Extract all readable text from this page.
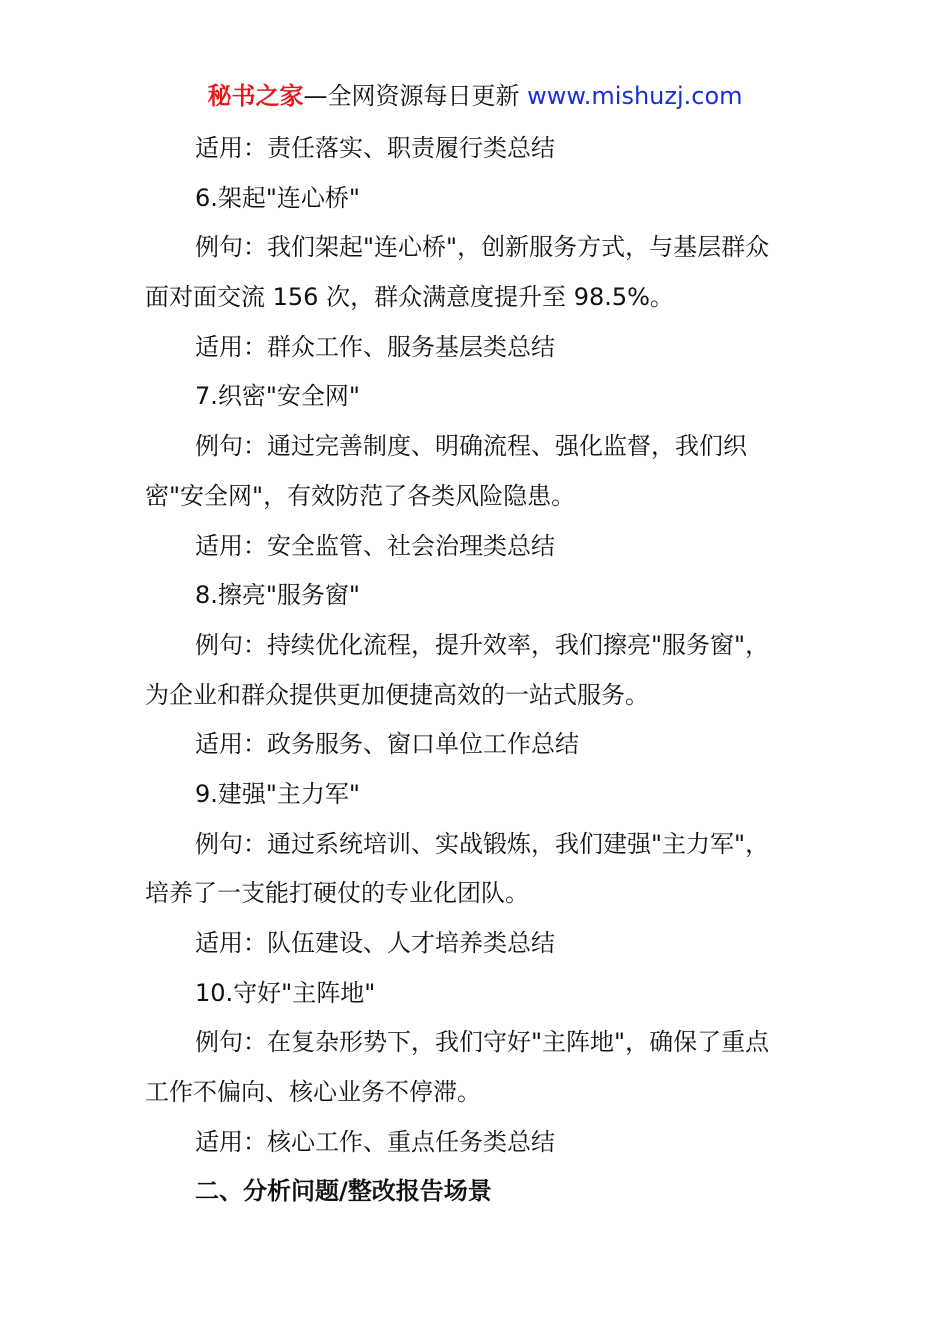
秘书之家—全网资源每日更新 www.mishuzj.com
适用：责任落实、职责履行类总结
6.架起"连心桥"
例句：我们架起"连心桥"，创新服务方式，与基层群众
面对面交流 156 次，群众满意度提升至 98.5%。
适用：群众工作、服务基层类总结
7.织密"安全网"
例句：通过完善制度、明确流程、强化监督，我们织
密"安全网"，有效防范了各类风险隐患。
适用：安全监管、社会治理类总结
8.擦亮"服务窗"
例句：持续优化流程，提升效率，我们擦亮"服务窗"，
为企业和群众提供更加便捷高效的一站式服务。
适用：政务服务、窗口单位工作总结
9.建强"主力军"
例句：通过系统培训、实战锻炼，我们建强"主力军"，
培养了一支能打硬仗的专业化团队。
适用：队伍建设、人才培养类总结
10.守好"主阵地"
例句：在复杂形势下，我们守好"主阵地"，确保了重点
工作不偏向、核心业务不停滞。
适用：核心工作、重点任务类总结
二、分析问题/整改报告场景
